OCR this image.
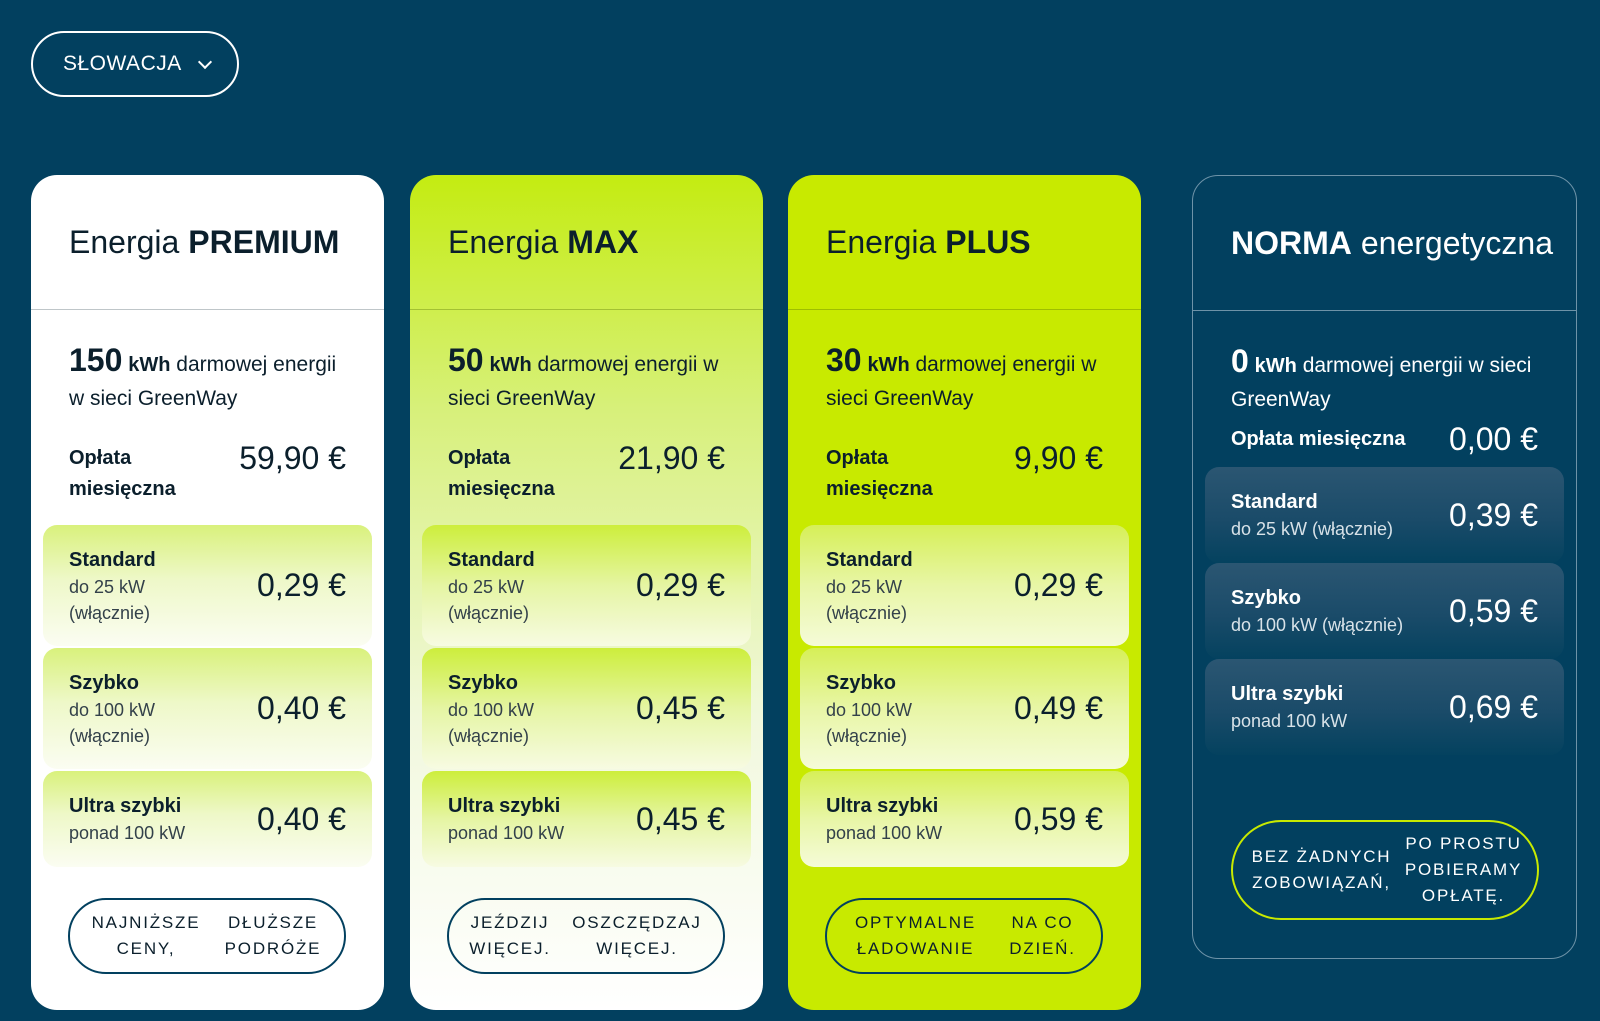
SŁOWACJA
Energia PREMIUM
150 kWh darmowej energii w sieci GreenWay
Opłata miesięczna
59,90 €
Standard
do 25 kW (włącznie)
0,29 €
Szybko
do 100 kW (włącznie)
0,40 €
Ultra szybki
ponad 100 kW 0,40 €
NAJNIŻSZE CENY,
DŁUŻSZE PODRÓŻE
Energia MAX
50 kWh darmowej energii w sieci GreenWay
Opłata miesięczna
21,90 €
Standard
do 25 kW (włącznie)
0,29 €
Szybko
do 100 kW (włącznie)
0,45 €
Ultra szybki
ponad 100 kW 0,45 €
JEŹDZIJ WIĘCEJ.
OSZCZĘDZAJ WIĘCEJ.
Energia PLUS
30 kWh darmowej energii w sieci GreenWay
Opłata miesięczna
9,90 €
Standard
do 25 kW (włącznie)
0,29 €
Szybko
do 100 kW (włącznie)
0,49 €
Ultra szybki
ponad 100 kW 0,59 €
OPTYMALNE ŁADOWANIE
NA CO DZIEŃ.
NORMA energetyczna
0 kWh darmowej energii w sieci GreenWay
Opłata miesięczna 0,00 €
Standard
do 25 kW (włącznie) 0,39 €
Szybko
do 100 kW (włącznie) 0,59 €
Ultra szybki
ponad 100 kW	0,69 €
BEZ ŻADNYCH ZOBOWIĄZAŃ,
PO PROSTU POBIERAMY OPŁATĘ.
